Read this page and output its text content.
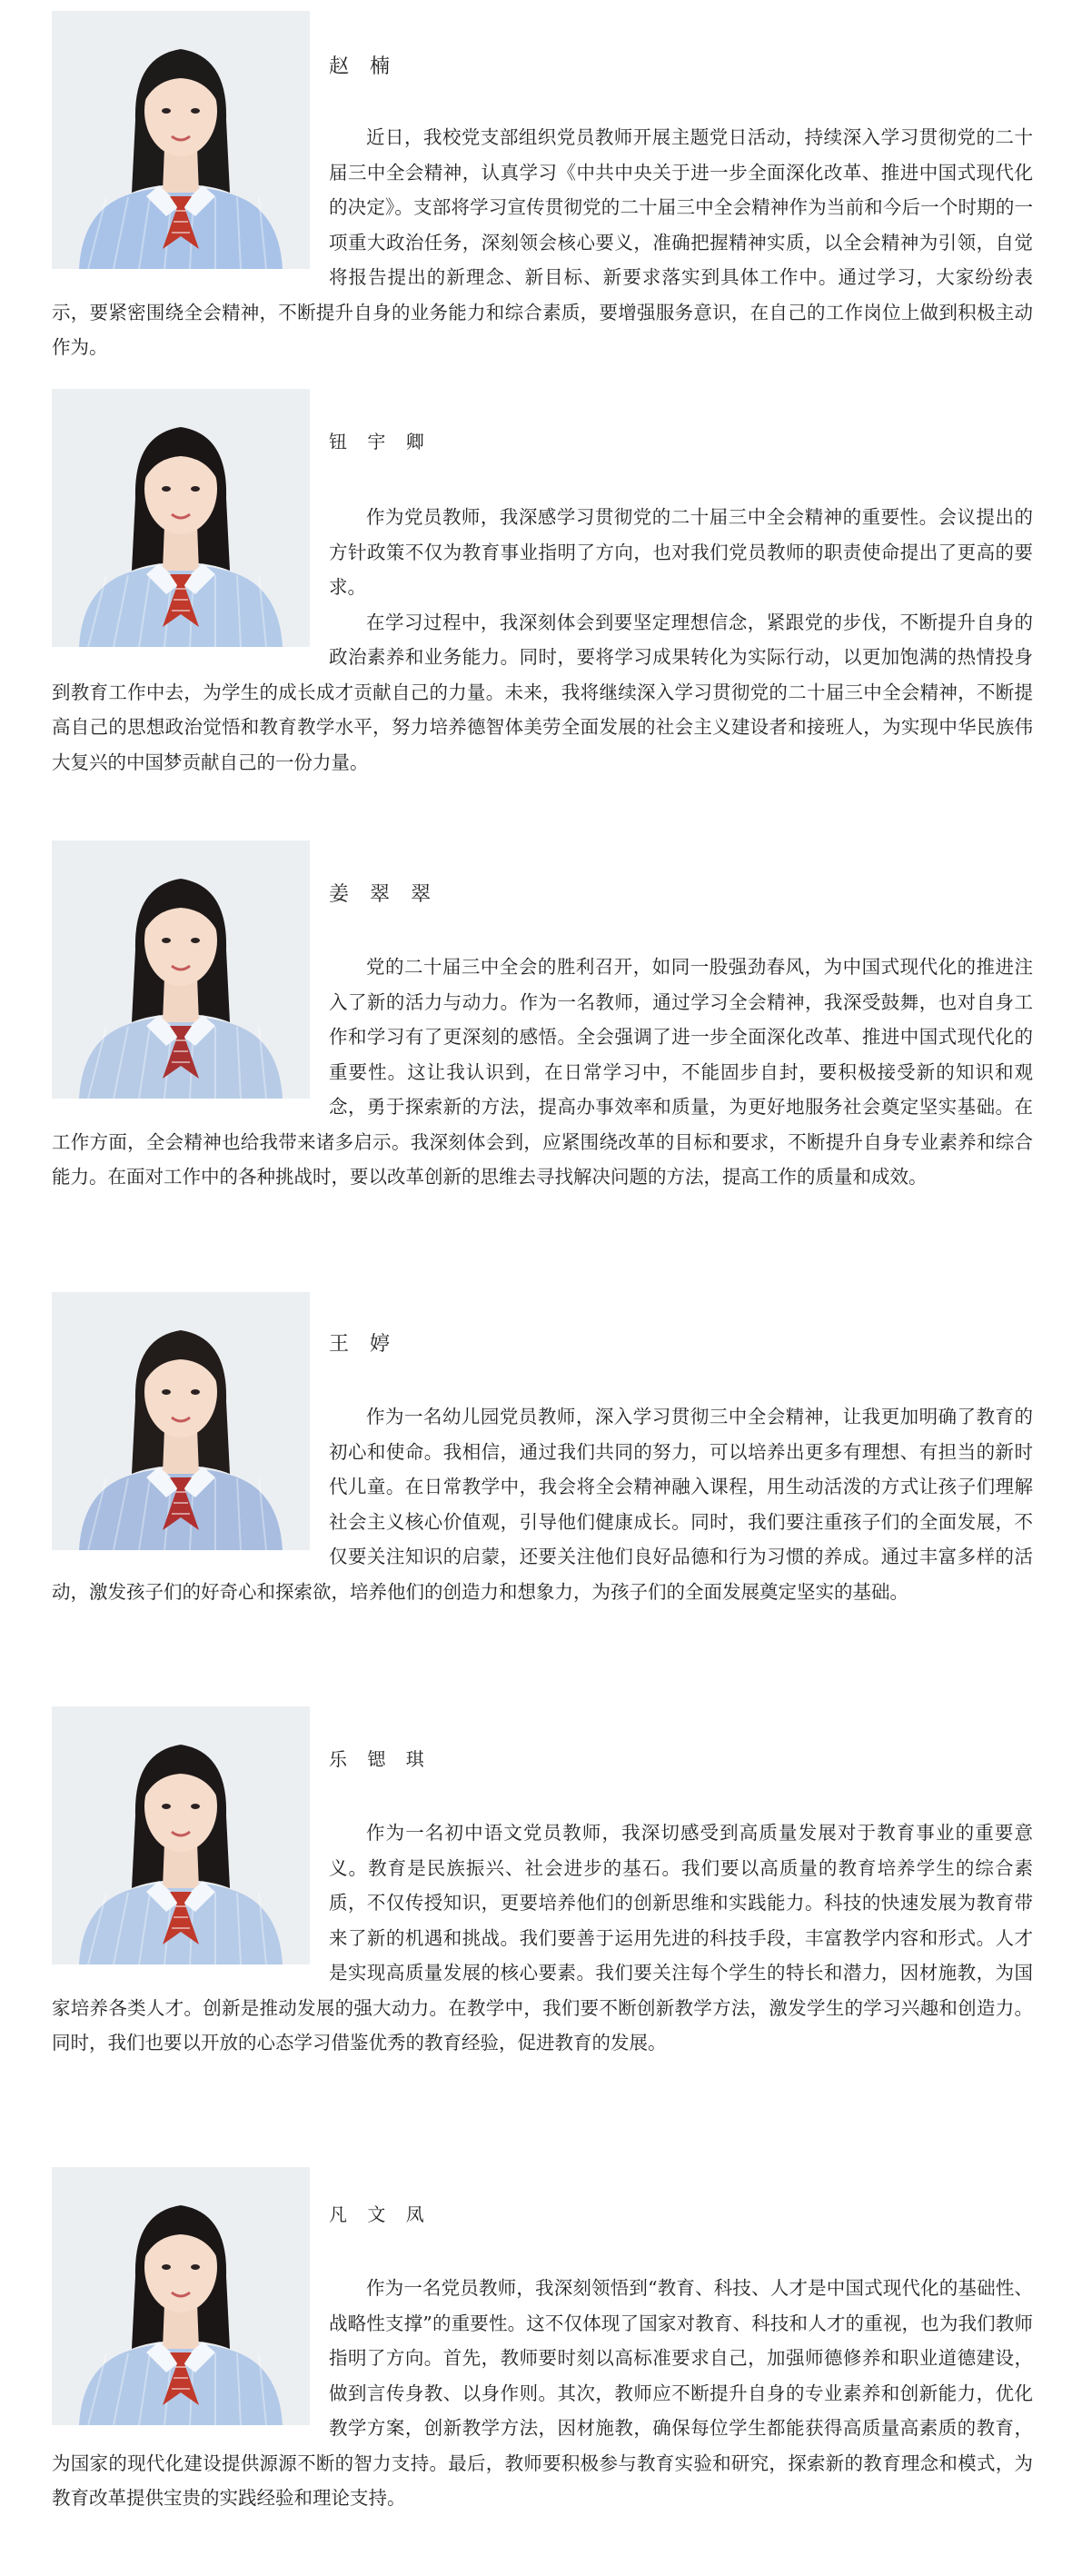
赵 楠

近日，我校党支部组织党员教师开展主题党日活动，持续深入学习贯彻党的二十届三中全会精神，认真学习《中共中央关于进一步全面深化改革、推进中国式现代化的决定》。支部将学习宣传贯彻党的二十届三中全会精神作为当前和今后一个时期的一项重大政治任务，深刻领会核心要义，准确把握精神实质，以全会精神为引领，自觉将报告提出的新理念、新目标、新要求落实到具体工作中。通过学习，大家纷纷表示，要紧密围绕全会精神，不断提升自身的业务能力和综合素质，要增强服务意识，在自己的工作岗位上做到积极主动作为。

钮 宇 卿

作为党员教师，我深感学习贯彻党的二十届三中全会精神的重要性。会议提出的方针政策不仅为教育事业指明了方向，也对我们党员教师的职责使命提出了更高的要求。

在学习过程中，我深刻体会到要坚定理想信念，紧跟党的步伐，不断提升自身的政治素养和业务能力。同时，要将学习成果转化为实际行动，以更加饱满的热情投身到教育工作中去，为学生的成长成才贡献自己的力量。未来，我将继续深入学习贯彻党的二十届三中全会精神，不断提高自己的思想政治觉悟和教育教学水平，努力培养德智体美劳全面发展的社会主义建设者和接班人，为实现中华民族伟大复兴的中国梦贡献自己的一份力量。

姜 翠 翠

党的二十届三中全会的胜利召开，如同一股强劲春风，为中国式现代化的推进注入了新的活力与动力。作为一名教师，通过学习全会精神，我深受鼓舞，也对自身工作和学习有了更深刻的感悟。全会强调了进一步全面深化改革、推进中国式现代化的重要性。这让我认识到，在日常学习中，不能固步自封，要积极接受新的知识和观念，勇于探索新的方法，提高办事效率和质量，为更好地服务社会奠定坚实基础。在工作方面，全会精神也给我带来诸多启示。我深刻体会到，应紧围绕改革的目标和要求，不断提升自身专业素养和综合能力。在面对工作中的各种挑战时，要以改革创新的思维去寻找解决问题的方法，提高工作的质量和成效。

王 婷

作为一名幼儿园党员教师，深入学习贯彻三中全会精神，让我更加明确了教育的初心和使命。我相信，通过我们共同的努力，可以培养出更多有理想、有担当的新时代儿童。在日常教学中，我会将全会精神融入课程，用生动活泼的方式让孩子们理解社会主义核心价值观，引导他们健康成长。同时，我们要注重孩子们的全面发展，不仅要关注知识的启蒙，还要关注他们良好品德和行为习惯的养成。通过丰富多样的活动，激发孩子们的好奇心和探索欲，培养他们的创造力和想象力，为孩子们的全面发展奠定坚实的基础。

乐 锶 琪

作为一名初中语文党员教师，我深切感受到高质量发展对于教育事业的重要意义。教育是民族振兴、社会进步的基石。我们要以高质量的教育培养学生的综合素质，不仅传授知识，更要培养他们的创新思维和实践能力。科技的快速发展为教育带来了新的机遇和挑战。我们要善于运用先进的科技手段，丰富教学内容和形式。人才是实现高质量发展的核心要素。我们要关注每个学生的特长和潜力，因材施教，为国家培养各类人才。创新是推动发展的强大动力。在教学中，我们要不断创新教学方法，激发学生的学习兴趣和创造力。同时，我们也要以开放的心态学习借鉴优秀的教育经验，促进教育的发展。

凡 文 凤

作为一名党员教师，我深刻领悟到“教育、科技、人才是中国式现代化的基础性、战略性支撑”的重要性。这不仅体现了国家对教育、科技和人才的重视，也为我们教师指明了方向。首先，教师要时刻以高标准要求自己，加强师德修养和职业道德建设，做到言传身教、以身作则。其次，教师应不断提升自身的专业素养和创新能力，优化教学方案，创新教学方法，因材施教，确保每位学生都能获得高质量高素质的教育，为国家的现代化建设提供源源不断的智力支持。最后，教师要积极参与教育实验和研究，探索新的教育理念和模式，为教育改革提供宝贵的实践经验和理论支持。
